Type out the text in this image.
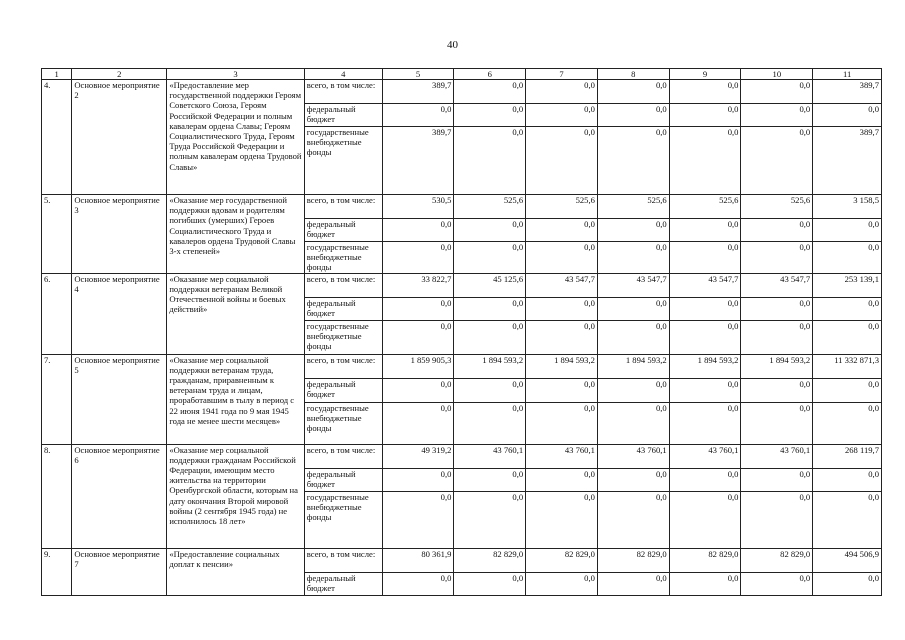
40
1	2	3	4	5	6	7	8	9	10	11
4.	Основное мероприятие 2	«Предоставление мер государственной поддержки Героям Советского Союза, Героям Российской Федерации и полным кавалерам ордена Славы; Героям Социалистического Труда, Героям Труда Российской Федерации и полным кавалерам ордена Трудовой Славы»	всего, в том числе:	389,7	0,0	0,0	0,0	0,0	0,0	389,7
			федеральный бюджет	0,0	0,0	0,0	0,0	0,0	0,0	0,0
			государственные внебюджетные фонды	389,7	0,0	0,0	0,0	0,0	0,0	389,7
5.	Основное мероприятие 3	«Оказание мер государственной поддержки вдовам и родителям погибших (умерших) Героев Социалистического Труда и кавалеров ордена Трудовой Славы 3-х степеней»	всего, в том числе:	530,5	525,6	525,6	525,6	525,6	525,6	3 158,5
			федеральный бюджет	0,0	0,0	0,0	0,0	0,0	0,0	0,0
			государственные внебюджетные фонды	0,0	0,0	0,0	0,0	0,0	0,0	0,0
6.	Основное мероприятие 4	«Оказание мер социальной поддержки ветеранам Великой Отечественной войны и боевых действий»	всего, в том числе:	33 822,7	45 125,6	43 547,7	43 547,7	43 547,7	43 547,7	253 139,1
			федеральный бюджет	0,0	0,0	0,0	0,0	0,0	0,0	0,0
			государственные внебюджетные фонды	0,0	0,0	0,0	0,0	0,0	0,0	0,0
7.	Основное мероприятие 5	«Оказание мер социальной поддержки ветеранам труда, гражданам, приравненным к ветеранам труда и лицам, проработавшим в тылу в период с 22 июня 1941 года по 9 мая 1945 года не менее шести месяцев»	всего, в том числе:	1 859 905,3	1 894 593,2	1 894 593,2	1 894 593,2	1 894 593,2	1 894 593,2	11 332 871,3
			федеральный бюджет	0,0	0,0	0,0	0,0	0,0	0,0	0,0
			государственные внебюджетные фонды	0,0	0,0	0,0	0,0	0,0	0,0	0,0
8.	Основное мероприятие 6	«Оказание мер социальной поддержки гражданам Российской Федерации, имеющим место жительства на территории Оренбургской области, которым на дату окончания Второй мировой войны (2 сентября 1945 года) не исполнилось 18 лет»	всего, в том числе:	49 319,2	43 760,1	43 760,1	43 760,1	43 760,1	43 760,1	268 119,7
			федеральный бюджет	0,0	0,0	0,0	0,0	0,0	0,0	0,0
			государственные внебюджетные фонды	0,0	0,0	0,0	0,0	0,0	0,0	0,0
9.	Основное мероприятие 7	«Предоставление социальных доплат к пенсии»	всего, в том числе:	80 361,9	82 829,0	82 829,0	82 829,0	82 829,0	82 829,0	494 506,9
			федеральный бюджет	0,0	0,0	0,0	0,0	0,0	0,0	0,0
